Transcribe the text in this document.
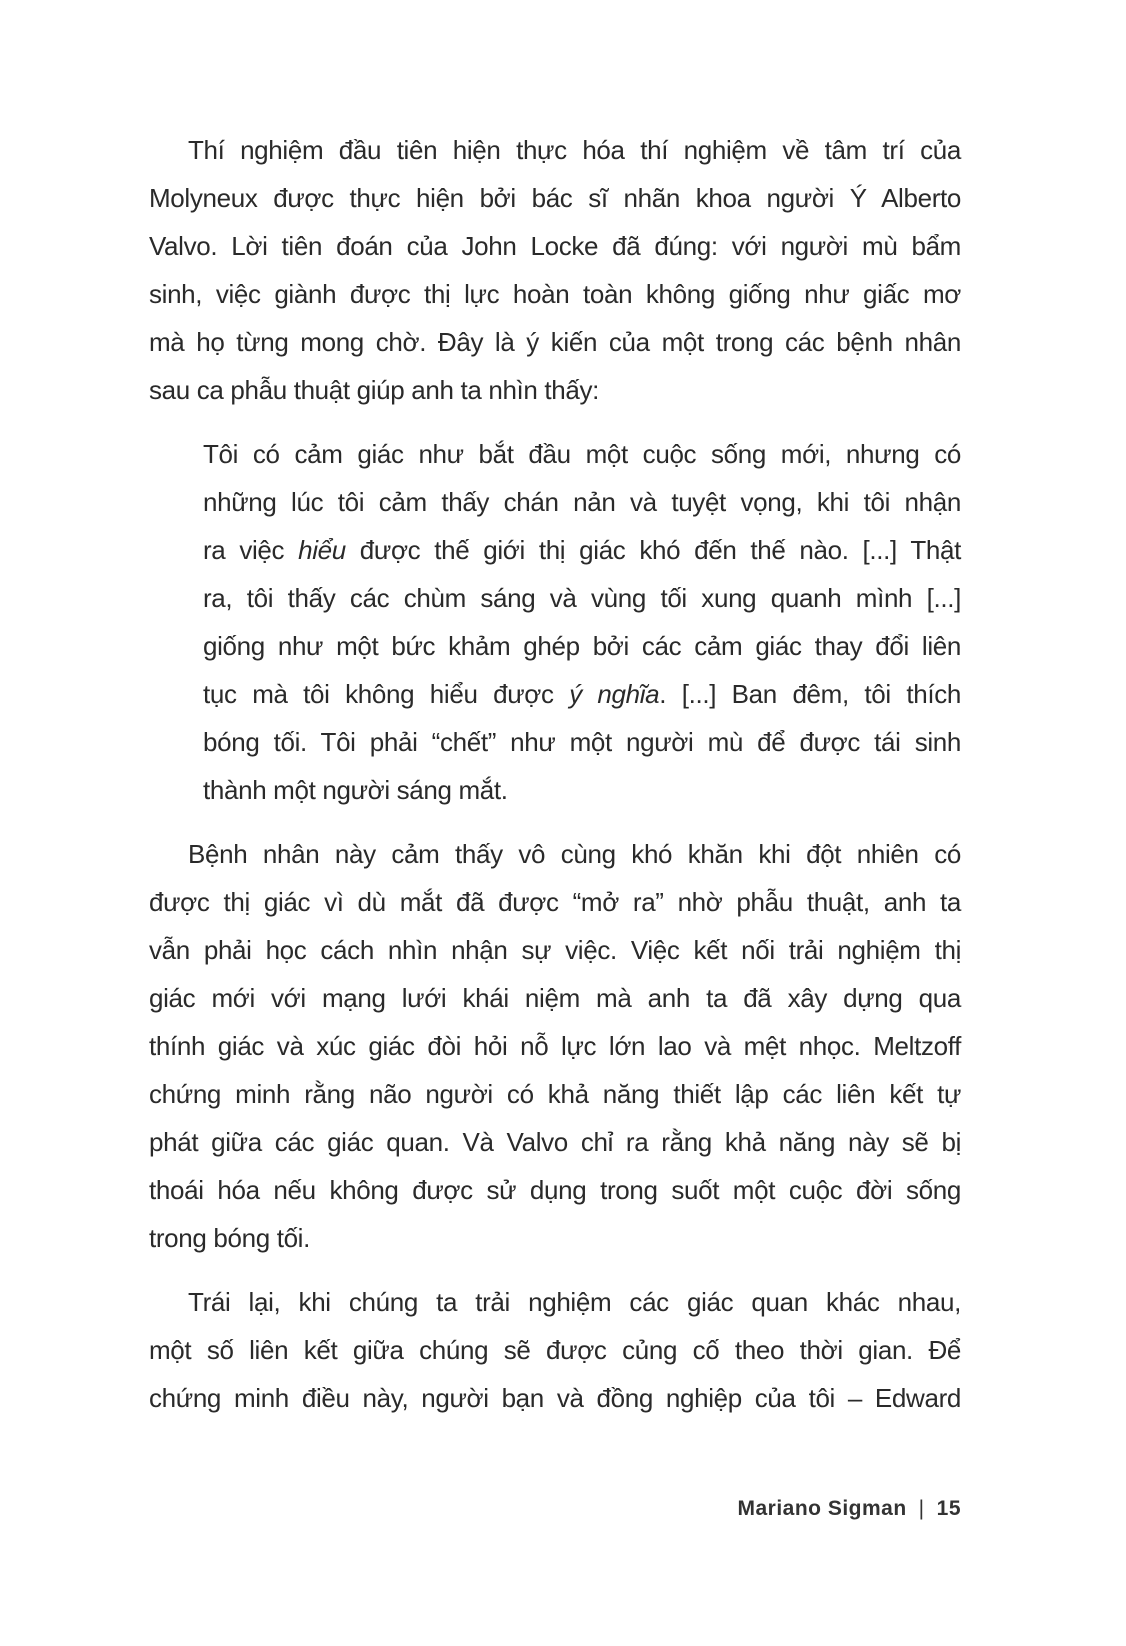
Thí nghiệm đầu tiên hiện thực hóa thí nghiệm về tâm trí của
Molyneux được thực hiện bởi bác sĩ nhãn khoa người Ý Alberto
Valvo. Lời tiên đoán của John Locke đã đúng: với người mù bẩm
sinh, việc giành được thị lực hoàn toàn không giống như giấc mơ
mà họ từng mong chờ. Đây là ý kiến của một trong các bệnh nhân
sau ca phẫu thuật giúp anh ta nhìn thấy:
Tôi có cảm giác như bắt đầu một cuộc sống mới, nhưng có
những lúc tôi cảm thấy chán nản và tuyệt vọng, khi tôi nhận
ra việc hiểu được thế giới thị giác khó đến thế nào. [...] Thật
ra, tôi thấy các chùm sáng và vùng tối xung quanh mình [...]
giống như một bức khảm ghép bởi các cảm giác thay đổi liên
tục mà tôi không hiểu được ý nghĩa. [...] Ban đêm, tôi thích
bóng tối. Tôi phải “chết” như một người mù để được tái sinh
thành một người sáng mắt.
Bệnh nhân này cảm thấy vô cùng khó khăn khi đột nhiên có
được thị giác vì dù mắt đã được “mở ra” nhờ phẫu thuật, anh ta
vẫn phải học cách nhìn nhận sự việc. Việc kết nối trải nghiệm thị
giác mới với mạng lưới khái niệm mà anh ta đã xây dựng qua
thính giác và xúc giác đòi hỏi nỗ lực lớn lao và mệt nhọc. Meltzoff
chứng minh rằng não người có khả năng thiết lập các liên kết tự
phát giữa các giác quan. Và Valvo chỉ ra rằng khả năng này sẽ bị
thoái hóa nếu không được sử dụng trong suốt một cuộc đời sống
trong bóng tối.
Trái lại, khi chúng ta trải nghiệm các giác quan khác nhau,
một số liên kết giữa chúng sẽ được củng cố theo thời gian. Để
chứng minh điều này, người bạn và đồng nghiệp của tôi – Edward
Mariano Sigman | 15
